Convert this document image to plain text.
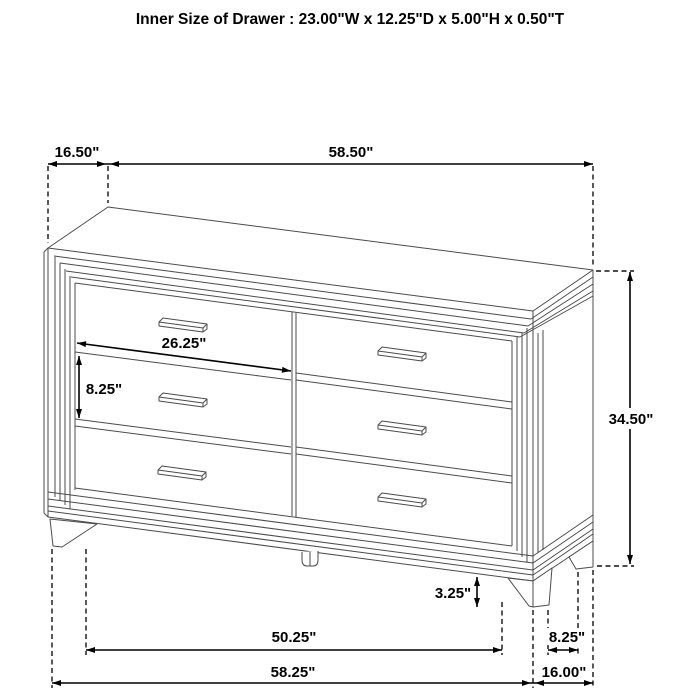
16.50"	58.50"
34.50"
26.25"
8.25"
3.25"
50.25"	8.25"
58.25"	16.00"
Inner Size of Drawer : 23.00"W x 12.25"D x 5.00"H x 0.50"T
